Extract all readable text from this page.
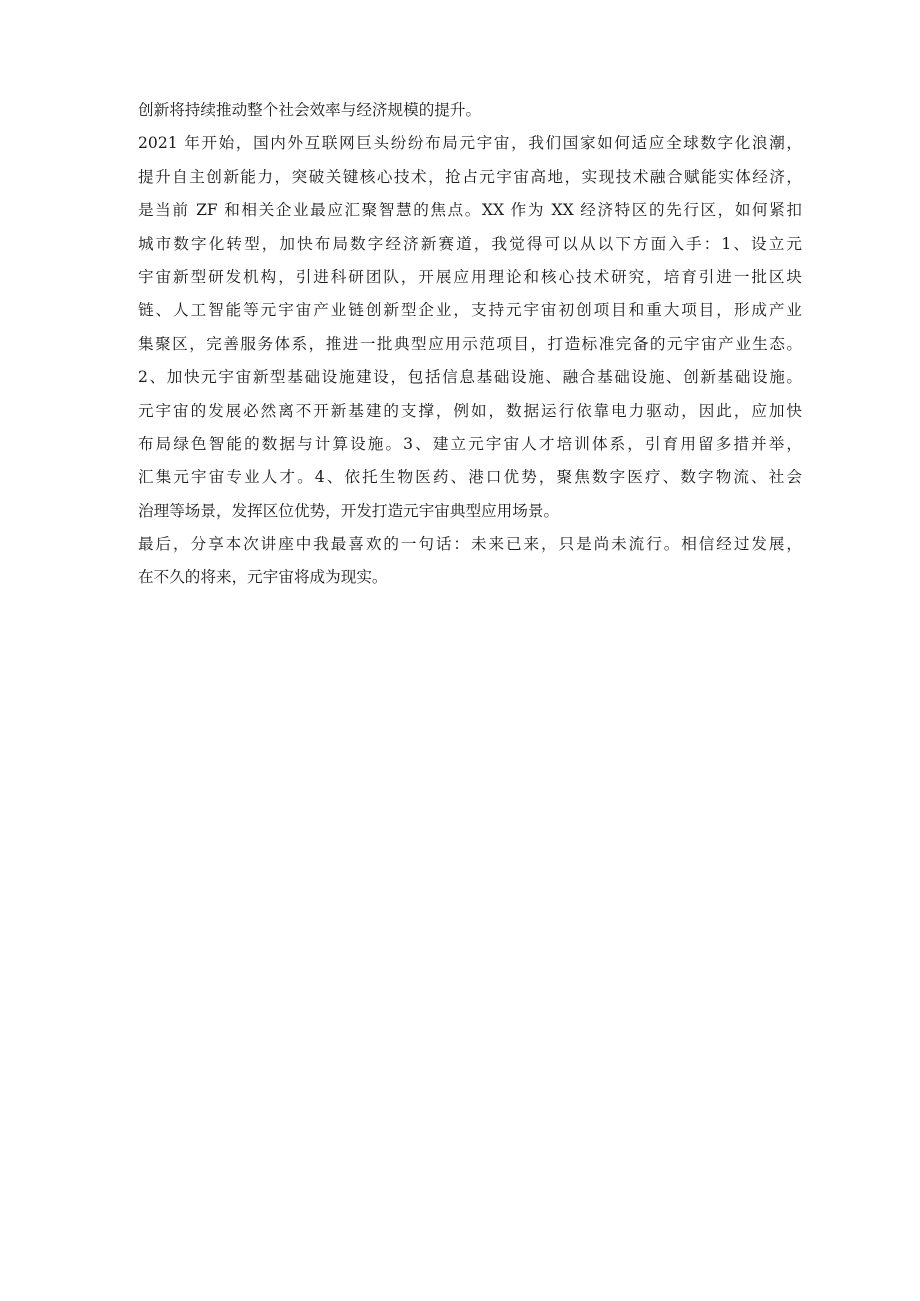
创新将持续推动整个社会效率与经济规模的提升。
2021 年开始，国内外互联网巨头纷纷布局元宇宙，我们国家如何适应全球数字化浪潮，
提升自主创新能力，突破关键核心技术，抢占元宇宙高地，实现技术融合赋能实体经济，
是当前 ZF 和相关企业最应汇聚智慧的焦点。XX 作为 XX 经济特区的先行区，如何紧扣
城市数字化转型，加快布局数字经济新赛道，我觉得可以从以下方面入手：1、设立元
宇宙新型研发机构，引进科研团队，开展应用理论和核心技术研究，培育引进一批区块
链、人工智能等元宇宙产业链创新型企业，支持元宇宙初创项目和重大项目，形成产业
集聚区，完善服务体系，推进一批典型应用示范项目，打造标准完备的元宇宙产业生态。
2、加快元宇宙新型基础设施建设，包括信息基础设施、融合基础设施、创新基础设施。
元宇宙的发展必然离不开新基建的支撑，例如，数据运行依靠电力驱动，因此，应加快
布局绿色智能的数据与计算设施。3、建立元宇宙人才培训体系，引育用留多措并举，
汇集元宇宙专业人才。4、依托生物医药、港口优势，聚焦数字医疗、数字物流、社会
治理等场景，发挥区位优势，开发打造元宇宙典型应用场景。
最后，分享本次讲座中我最喜欢的一句话：未来已来，只是尚未流行。相信经过发展，
在不久的将来，元宇宙将成为现实。
